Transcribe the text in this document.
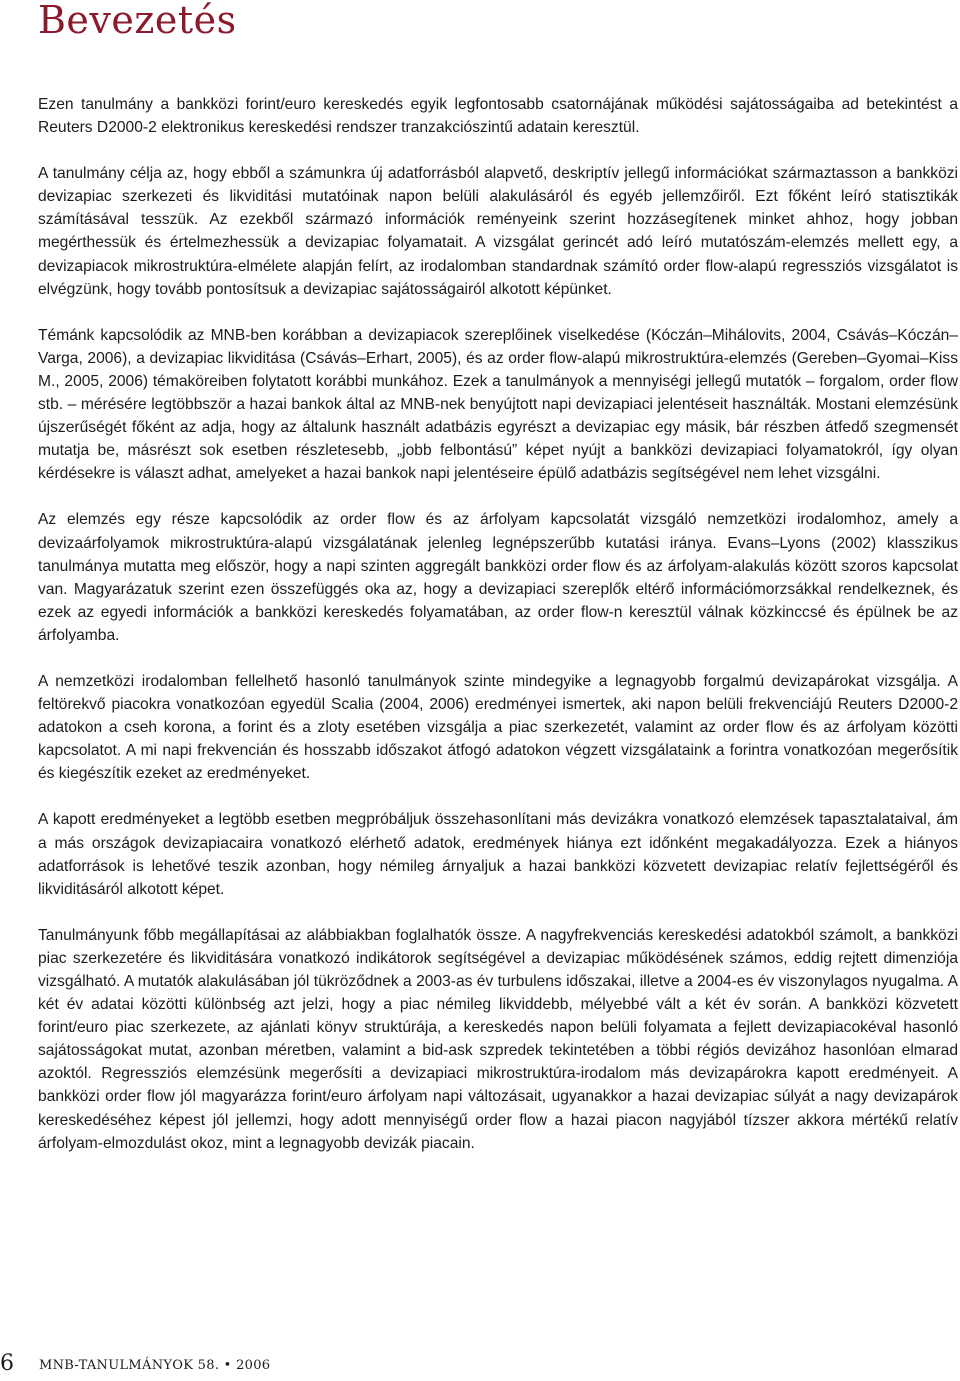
Bevezetés

Ezen tanulmány a bankközi forint/euro kereskedés egyik legfontosabb csatornájának működési sajátosságaiba ad betekintést a Reuters D2000-2 elektronikus kereskedési rendszer tranzakciószintű adatain keresztül.

A tanulmány célja az, hogy ebből a számunkra új adatforrásból alapvető, deskriptív jellegű információkat származtasson a bankközi devizapiac szerkezeti és likviditási mutatóinak napon belüli alakulásáról és egyéb jellemzőiről. Ezt főként leíró statisztikák számításával tesszük. Az ezekből származó információk reményeink szerint hozzásegítenek minket ahhoz, hogy jobban megérthessük és értelmezhessük a devizapiac folyamatait. A vizsgálat gerincét adó leíró mutatószám-elemzés mellett egy, a devizapiacok mikrostruktúra-elmélete alapján felírt, az irodalomban standardnak számító order flow-alapú regressziós vizsgálatot is elvégzünk, hogy tovább pontosítsuk a devizapiac sajátosságairól alkotott képünket.

Témánk kapcsolódik az MNB-ben korábban a devizapiacok szereplőinek viselkedése (Kóczán–Mihálovits, 2004, Csávás–Kóczán–Varga, 2006), a devizapiac likviditása (Csávás–Erhart, 2005), és az order flow-alapú mikrostruktúra-elemzés (Gereben–Gyomai–Kiss M., 2005, 2006) témaköreiben folytatott korábbi munkához. Ezek a tanulmányok a mennyiségi jellegű mutatók – forgalom, order flow stb. – mérésére legtöbbször a hazai bankok által az MNB-nek benyújtott napi devizapiaci jelentéseit használták. Mostani elemzésünk újszerűségét főként az adja, hogy az általunk használt adatbázis egyrészt a devizapiac egy másik, bár részben átfedő szegmensét mutatja be, másrészt sok esetben részletesebb, „jobb felbontású” képet nyújt a bankközi devizapiaci folyamatokról, így olyan kérdésekre is választ adhat, amelyeket a hazai bankok napi jelentéseire épülő adatbázis segítségével nem lehet vizsgálni.

Az elemzés egy része kapcsolódik az order flow és az árfolyam kapcsolatát vizsgáló nemzetközi irodalomhoz, amely a devizaárfolyamok mikrostruktúra-alapú vizsgálatának jelenleg legnépszerűbb kutatási iránya. Evans–Lyons (2002) klasszikus tanulmánya mutatta meg először, hogy a napi szinten aggregált bankközi order flow és az árfolyam-alakulás között szoros kapcsolat van. Magyarázatuk szerint ezen összefüggés oka az, hogy a devizapiaci szereplők eltérő információmorzsákkal rendelkeznek, és ezek az egyedi információk a bankközi kereskedés folyamatában, az order flow-n keresztül válnak közkinccsé és épülnek be az árfolyamba.

A nemzetközi irodalomban fellelhető hasonló tanulmányok szinte mindegyike a legnagyobb forgalmú devizapárokat vizsgálja. A feltörekvő piacokra vonatkozóan egyedül Scalia (2004, 2006) eredményei ismertek, aki napon belüli frekvenciájú Reuters D2000-2 adatokon a cseh korona, a forint és a zloty esetében vizsgálja a piac szerkezetét, valamint az order flow és az árfolyam közötti kapcsolatot. A mi napi frekvencián és hosszabb időszakot átfogó adatokon végzett vizsgálataink a forintra vonatkozóan megerősítik és kiegészítik ezeket az eredményeket.

A kapott eredményeket a legtöbb esetben megpróbáljuk összehasonlítani más devizákra vonatkozó elemzések tapasztalataival, ám a más országok devizapiacaira vonatkozó elérhető adatok, eredmények hiánya ezt időnként megakadályozza. Ezek a hiányos adatforrások is lehetővé teszik azonban, hogy némileg árnyaljuk a hazai bankközi közvetett devizapiac relatív fejlettségéről és likviditásáról alkotott képet.

Tanulmányunk főbb megállapításai az alábbiakban foglalhatók össze. A nagyfrekvenciás kereskedési adatokból számolt, a bankközi piac szerkezetére és likviditására vonatkozó indikátorok segítségével a devizapiac működésének számos, eddig rejtett dimenziója vizsgálható. A mutatók alakulásában jól tükröződnek a 2003-as év turbulens időszakai, illetve a 2004-es év viszonylagos nyugalma. A két év adatai közötti különbség azt jelzi, hogy a piac némileg likviddebb, mélyebbé vált a két év során. A bankközi közvetett forint/euro piac szerkezete, az ajánlati könyv struktúrája, a kereskedés napon belüli folyamata a fejlett devizapiacokéval hasonló sajátosságokat mutat, azonban méretben, valamint a bid-ask szpredek tekintetében a többi régiós devizához hasonlóan elmarad azoktól. Regressziós elemzésünk megerősíti a devizapiaci mikrostruktúra-irodalom más devizapárokra kapott eredményeit. A bankközi order flow jól magyarázza forint/euro árfolyam napi változásait, ugyanakkor a hazai devizapiac súlyát a nagy devizapárok kereskedéséhez képest jól jellemzi, hogy adott mennyiségű order flow a hazai piacon nagyjából tízszer akkora mértékű relatív árfolyam-elmozdulást okoz, mint a legnagyobb devizák piacain.

6 MNB-TANULMÁNYOK 58. • 2006
